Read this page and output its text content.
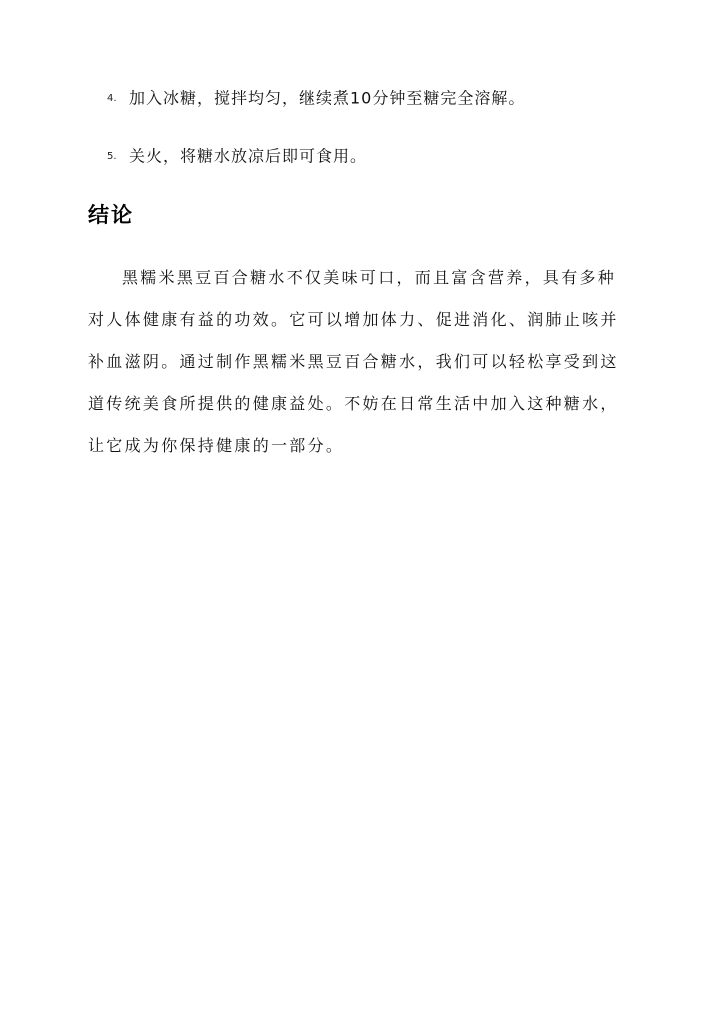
4. 加入冰糖，搅拌均匀，继续煮10分钟至糖完全溶解。
5. 关火，将糖水放凉后即可食用。
结论
黑糯米黑豆百合糖水不仅美味可口，而且富含营养，具有多种
对人体健康有益的功效。它可以增加体力、促进消化、润肺止咳并
补血滋阴。通过制作黑糯米黑豆百合糖水，我们可以轻松享受到这
道传统美食所提供的健康益处。不妨在日常生活中加入这种糖水，
让它成为你保持健康的一部分。
